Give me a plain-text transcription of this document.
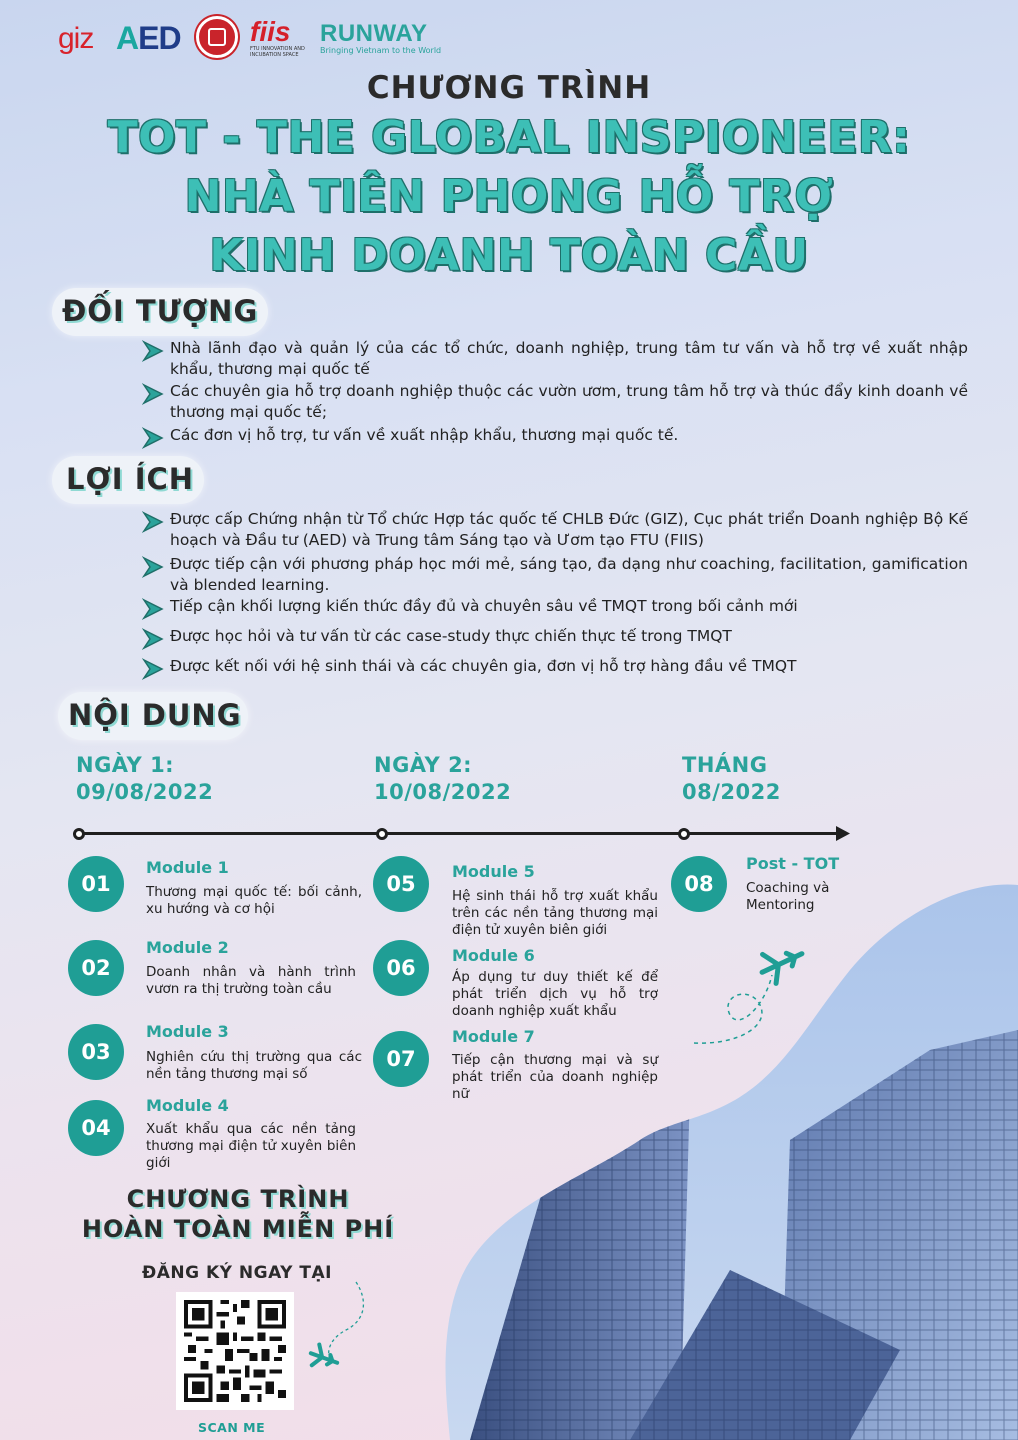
giz AED fiis
FTU INNOVATION AND INCUBATION SPACE
RUNWAY
Bringing Vietnam to the World
CHƯƠNG TRÌNH
TOT - THE GLOBAL INSPIONEER:
NHÀ TIÊN PHONG HỖ TRỢ
KINH DOANH TOÀN CẦU
ĐỐI TƯỢNG
Nhà lãnh đạo và quản lý của các tổ chức, doanh nghiệp, trung tâm tư vấn và hỗ trợ về xuất nhập khẩu, thương mại quốc tế
Các chuyên gia hỗ trợ doanh nghiệp thuộc các vườn ươm, trung tâm hỗ trợ và thúc đẩy kinh doanh về thương mại quốc tế;
Các đơn vị hỗ trợ, tư vấn về xuất nhập khẩu, thương mại quốc tế.
LỢI ÍCH
Được cấp Chứng nhận từ Tổ chức Hợp tác quốc tế CHLB Đức (GIZ), Cục phát triển Doanh nghiệp Bộ Kế hoạch và Đầu tư (AED) và Trung tâm Sáng tạo và Ươm tạo FTU (FIIS)
Được tiếp cận với phương pháp học mới mẻ, sáng tạo, đa dạng như coaching, facilitation, gamification và blended learning.
Tiếp cận khối lượng kiến thức đầy đủ và chuyên sâu về TMQT trong bối cảnh mới
Được học hỏi và tư vấn từ các case-study thực chiến thực tế trong TMQT
Được kết nối với hệ sinh thái và các chuyên gia, đơn vị hỗ trợ hàng đầu về TMQT
NỘI DUNG
NGÀY 1:
09/08/2022
NGÀY 2:
10/08/2022
THÁNG
08/2022
01
Module 1
Thương mại quốc tế: bối cảnh, xu hướng và cơ hội
02
Module 2
Doanh nhân và hành trình vươn ra thị trường toàn cầu
03
Module 3
Nghiên cứu thị trường qua các nền tảng thương mại số
04
Module 4
Xuất khẩu qua các nền tảng thương mại điện tử xuyên biên giới
05
Module 5
Hệ sinh thái hỗ trợ xuất khẩu trên các nền tảng thương mại điện tử xuyên biên giới
06
Module 6
Áp dụng tư duy thiết kế để phát triển dịch vụ hỗ trợ doanh nghiệp xuất khẩu
07
Module 7
Tiếp cận thương mại và sự phát triển của doanh nghiệp nữ
08
Post - TOT
Coaching và Mentoring
CHƯƠNG TRÌNH
HOÀN TOÀN MIỄN PHÍ
ĐĂNG KÝ NGAY TẠI
SCAN ME
